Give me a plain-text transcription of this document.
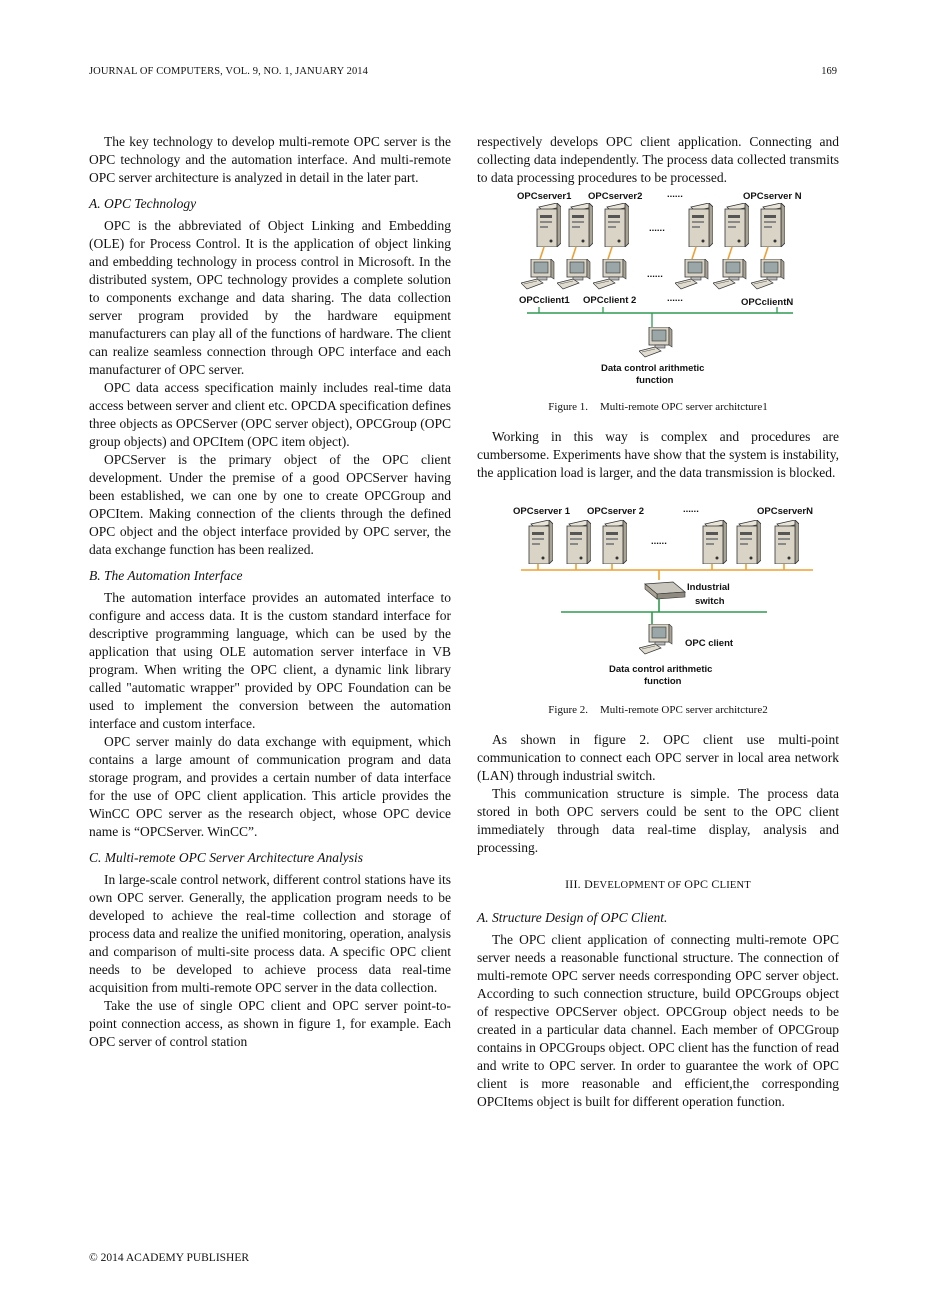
JOURNAL OF COMPUTERS, VOL. 9, NO. 1, JANUARY 2014	169

The key technology to develop multi-remote OPC server is the OPC technology and the automation interface. And multi-remote OPC server architecture is analyzed in detail in the later part.

A. OPC Technology

OPC is the abbreviated of Object Linking and Embedding (OLE) for Process Control. It is the application of object linking and embedding technology in process control in Microsoft. In the distributed system, OPC technology provides a complete solution to components exchange and data sharing. The data collection server program provided by the hardware equipment manufacturers can play all of the functions of hardware. The client can realize seamless connection through OPC interface and each manufacturer of OPC server.

OPC data access specification mainly includes real-time data access between server and client etc. OPCDA specification defines three objects as OPCServer (OPC server object), OPCGroup (OPC group objects) and OPCItem (OPC item object).

OPCServer is the primary object of the OPC client development. Under the premise of a good OPCServer having been established, we can one by one to create OPCGroup and OPCItem. Making connection of the clients through the defined OPC object and the object interface provided by OPC server, the data exchange function has been realized.

B. The Automation Interface

The automation interface provides an automated interface to configure and access data. It is the custom standard interface for descriptive programming language, which can be used by the application that using OLE automation server interface in VB program. When writing the OPC client, a dynamic link library called "automatic wrapper" provided by OPC Foundation can be used to implement the conversion between the automation interface and custom interface.

OPC server mainly do data exchange with equipment, which contains a large amount of communication program and data storage program, and provides a certain number of data interface for the use of OPC client application. This article provides the WinCC OPC server as the research object, whose OPC device name is “OPCServer. WinCC”.

C. Multi-remote OPC Server Architecture Analysis

In large-scale control network, different control stations have its own OPC server. Generally, the application program needs to be developed to achieve the real-time collection and storage of process data and realize the unified monitoring, operation, analysis and comparison of multi-site process data. A specific OPC client needs to be developed to achieve process data real-time acquisition from multi-remote OPC server in the data collection.

Take the use of single OPC client and OPC server point-to-point connection access, as shown in figure 1, for example. Each OPC server of control station

respectively develops OPC client application. Connecting and collecting data independently. The process data collected transmits to data processing procedures to be processed.

OPCserver1 OPCserver2	......	OPCserver N
......
......
OPCclient1 OPCclient 2	......	OPCclientN
Data control arithmetic
function
Figure 1. Multi-remote OPC server architcture1

Working in this way is complex and procedures are cumbersome. Experiments have show that the system is instability, the application load is larger, and the data transmission is blocked.

OPCserver 1 OPCserver 2	......	OPCserverN
......
Industrial
switch
OPC client
Data control arithmetic
function
Figure 2. Multi-remote OPC server architcture2

As shown in figure 2. OPC client use multi-point communication to connect each OPC server in local area network (LAN) through industrial switch.

This communication structure is simple. The process data stored in both OPC servers could be sent to the OPC client immediately through data real-time display, analysis and processing.

III. DEVELOPMENT OF OPC CLIENT
A. Structure Design of OPC Client.

The OPC client application of connecting multi-remote OPC server needs a reasonable functional structure. The connection of multi-remote OPC server needs corresponding OPC server object. According to such connection structure, build OPCGroups object of respective OPCServer object. OPCGroup object needs to be created in a particular data channel. Each member of OPCGroup contains in OPCGroups object. OPC client has the function of read and write to OPC server. In order to guarantee the work of OPC client is more reasonable and efficient,the corresponding OPCItems object is built for different operation function.

© 2014 ACADEMY PUBLISHER
